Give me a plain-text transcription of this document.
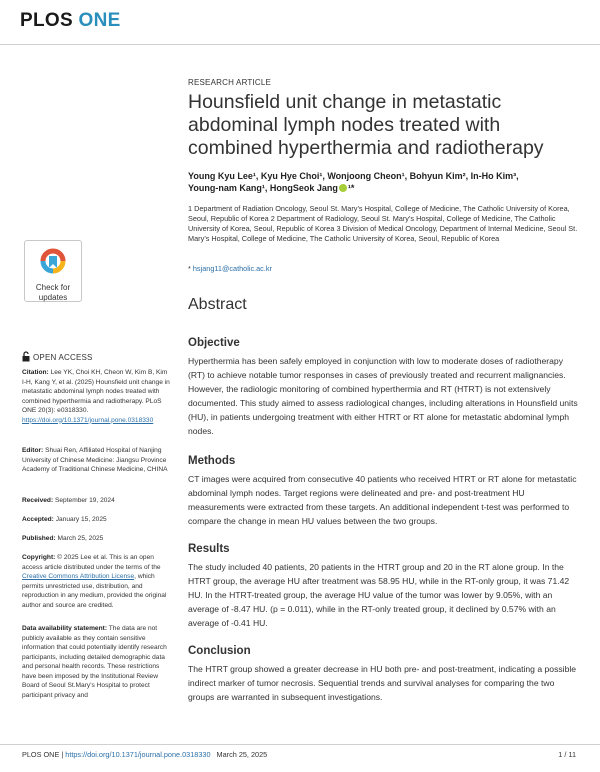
PLOS ONE
Check for
updates
RESEARCH ARTICLE
Hounsfield unit change in metastatic abdominal lymph nodes treated with combined hyperthermia and radiotherapy
Young Kyu Lee¹, Kyu Hye Choi¹, Wonjoong Cheon¹, Bohyun Kim², In-Ho Kim³,
Young-nam Kang¹, HongSeok Jang ¹*
1 Department of Radiation Oncology, Seoul St. Mary’s Hospital, College of Medicine, The Catholic University of Korea, Seoul, Republic of Korea 2 Department of Radiology, Seoul St. Mary’s Hospital, College of Medicine, The Catholic University of Korea, Seoul, Republic of Korea 3 Division of Medical Oncology, Department of Internal Medicine, Seoul St. Mary’s Hospital, College of Medicine, The Catholic University of Korea, Seoul, Republic of Korea
* hsjang11@catholic.ac.kr
Abstract
Objective
Hyperthermia has been safely employed in conjunction with low to moderate doses of radiotherapy (RT) to achieve notable tumor responses in cases of previously treated and recurrent malignancies. However, the radiologic monitoring of combined hyperthermia and RT (HTRT) is not extensively documented. This study aimed to assess radiological changes, including alterations in Hounsfield units (HU), in patients undergoing treatment with either HTRT or RT alone for metastatic abdominal lymph nodes.
Methods
CT images were acquired from consecutive 40 patients who received HTRT or RT alone for metastatic abdominal lymph nodes. Target regions were delineated and pre- and post-treatment HU measurements were extracted from these targets. An additional independent t-test was performed to compare the change in mean HU values between the two groups.
Results
The study included 40 patients, 20 patients in the HTRT group and 20 in the RT alone group. In the HTRT group, the average HU after treatment was 58.95 HU, while in the RT-only group, it was 71.42 HU. In the HTRT-treated group, the average HU value of the tumor was lower by 9.05%, with an average of -8.47 HU. (p = 0.011), while in the RT-only treated group, it declined by 0.57% with an average of -0.41 HU.
Conclusion
The HTRT group showed a greater decrease in HU both pre- and post-treatment, indicating a possible indirect marker of tumor necrosis. Sequential trends and survival analyses for comparing the two groups are warranted in subsequent investigations.
OPEN ACCESS
Citation: Lee YK, Choi KH, Cheon W, Kim B, Kim I-H, Kang Y, et al. (2025) Hounsfield unit change in metastatic abdominal lymph nodes treated with combined hyperthermia and radiotherapy. PLoS ONE 20(3): e0318330. https://doi.org/10.1371/journal.pone.0318330
Editor: Shuai Ren, Affiliated Hospital of Nanjing University of Chinese Medicine: Jiangsu Province Academy of Traditional Chinese Medicine, CHINA
Received: September 19, 2024
Accepted: January 15, 2025
Published: March 25, 2025
Copyright: © 2025 Lee et al. This is an open access article distributed under the terms of the Creative Commons Attribution License, which permits unrestricted use, distribution, and reproduction in any medium, provided the original author and source are credited.
Data availability statement: The data are not publicly available as they contain sensitive information that could potentially identify research participants, including detailed demographic data and personal health records. These restrictions have been imposed by the Institutional Review Board of Seoul St.Mary’s Hospital to protect participant privacy and
PLOS ONE | https://doi.org/10.1371/journal.pone.0318330 March 25, 2025	1 / 11
